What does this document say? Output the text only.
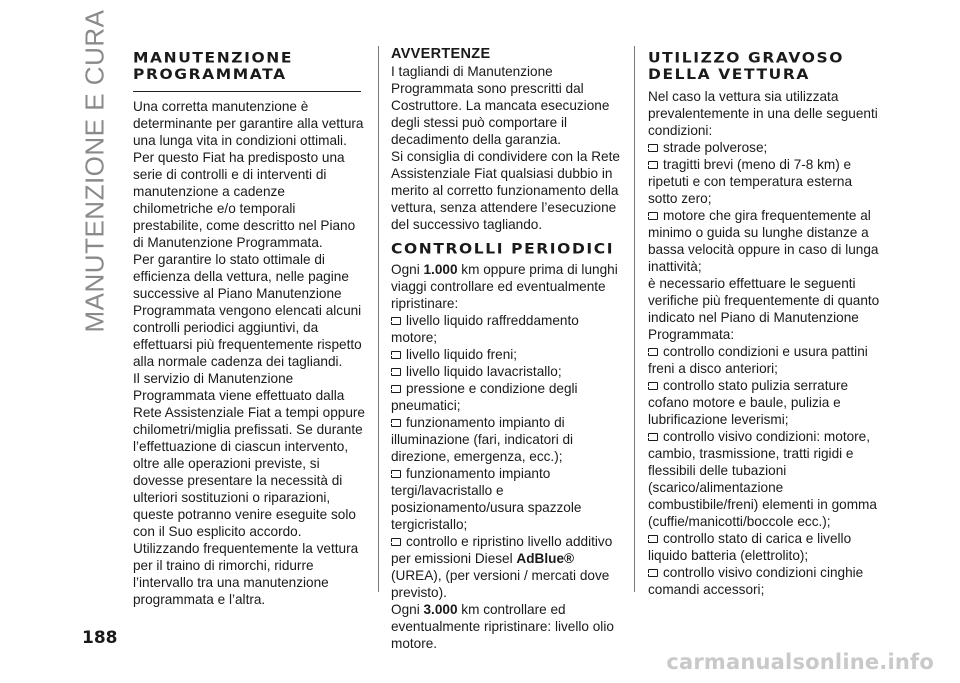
MANUTENZIONE E CURA
188
MANUTENZIONE
PROGRAMMATA

Una corretta manutenzione è determinante per garantire alla vettura una lunga vita in condizioni ottimali.

Per questo Fiat ha predisposto una serie di controlli e di interventi di manutenzione a cadenze chilometriche e/o temporali prestabilite, come descritto nel Piano di Manutenzione Programmata.

Per garantire lo stato ottimale di efficienza della vettura, nelle pagine successive al Piano Manutenzione Programmata vengono elencati alcuni controlli periodici aggiuntivi, da effettuarsi più frequentemente rispetto alla normale cadenza dei tagliandi.

Il servizio di Manutenzione Programmata viene effettuato dalla Rete Assistenziale Fiat a tempi oppure chilometri/miglia prefissati. Se durante l’effettuazione di ciascun intervento, oltre alle operazioni previste, si dovesse presentare la necessità di ulteriori sostituzioni o riparazioni, queste potranno venire eseguite solo con il Suo esplicito accordo. Utilizzando frequentemente la vettura per il traino di rimorchi, ridurre l’intervallo tra una manutenzione programmata e l’altra.

AVVERTENZE

I tagliandi di Manutenzione Programmata sono prescritti dal Costruttore. La mancata esecuzione degli stessi può comportare il decadimento della garanzia.

Si consiglia di condividere con la Rete Assistenziale Fiat qualsiasi dubbio in merito al corretto funzionamento della vettura, senza attendere l’esecuzione del successivo tagliando.

CONTROLLI PERIODICI

Ogni 1.000 km oppure prima di lunghi viaggi controllare ed eventualmente ripristinare:

livello liquido raffreddamento motore;
livello liquido freni;
livello liquido lavacristallo;
pressione e condizione degli pneumatici;
funzionamento impianto di illuminazione (fari, indicatori di direzione, emergenza, ecc.);
funzionamento impianto tergi/lavacristallo e posizionamento/usura spazzole tergicristallo;
controllo e ripristino livello additivo per emissioni Diesel AdBlue® (UREA), (per versioni / mercati dove previsto).

Ogni 3.000 km controllare ed eventualmente ripristinare: livello olio motore.

UTILIZZO GRAVOSO
DELLA VETTURA

Nel caso la vettura sia utilizzata prevalentemente in una delle seguenti condizioni:

strade polverose;
tragitti brevi (meno di 7-8 km) e ripetuti e con temperatura esterna sotto zero;
motore che gira frequentemente al minimo o guida su lunghe distanze a bassa velocità oppure in caso di lunga inattività;

è necessario effettuare le seguenti verifiche più frequentemente di quanto indicato nel Piano di Manutenzione Programmata:

controllo condizioni e usura pattini freni a disco anteriori;
controllo stato pulizia serrature cofano motore e baule, pulizia e lubrificazione leverismi;
controllo visivo condizioni: motore, cambio, trasmissione, tratti rigidi e flessibili delle tubazioni (scarico/alimentazione combustibile/freni) elementi in gomma (cuffie/manicotti/boccole ecc.);
controllo stato di carica e livello liquido batteria (elettrolito);
controllo visivo condizioni cinghie comandi accessori;
carmanualsonline.info
